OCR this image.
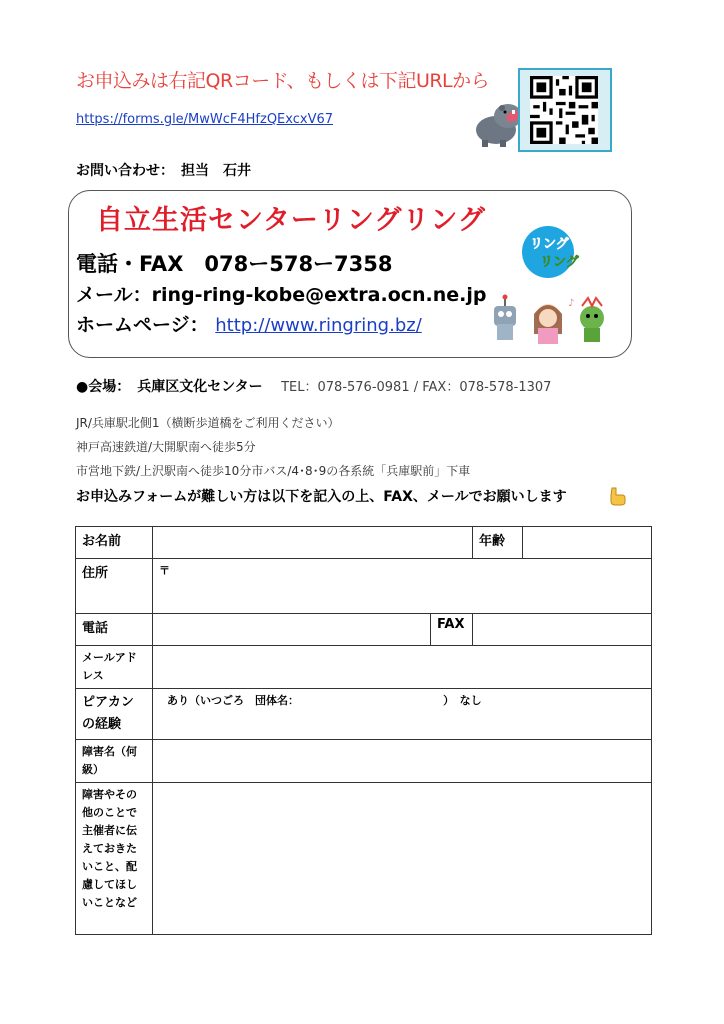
お申込みは右記QRコード、もしくは下記URLから
https://forms.gle/MwWcF4HfzQExcxV67
お問い合わせ：　担当　石井
自立生活センターリングリング
電話・FAX　078ー578ー7358
メール：ring-ring-kobe@extra.ocn.ne.jp
ホームページ： http://www.ringring.bz/
リング
リング
♪
●会場：　兵庫区文化センター TEL：078-576-0981 / FAX：078-578-1307
JR/兵庫駅北側1（横断歩道橋をご利用ください）
神戸高速鉄道/大開駅南へ徒歩5分
市営地下鉄/上沢駅南へ徒歩10分市バス/4･8･9の各系統「兵庫駅前」下車
お申込みフォームが難しい方は以下を記入の上、FAX、メールでお願いします
お名前			年齢	
住所	〒			
電話		FAX		
メールアドレス				
ピアカンの経験	あり（いつごろ　団体名： ）　なし			
障害名（何級）				
障害やその他のことで主催者に伝えておきたいこと、配慮してほしいことなど				
